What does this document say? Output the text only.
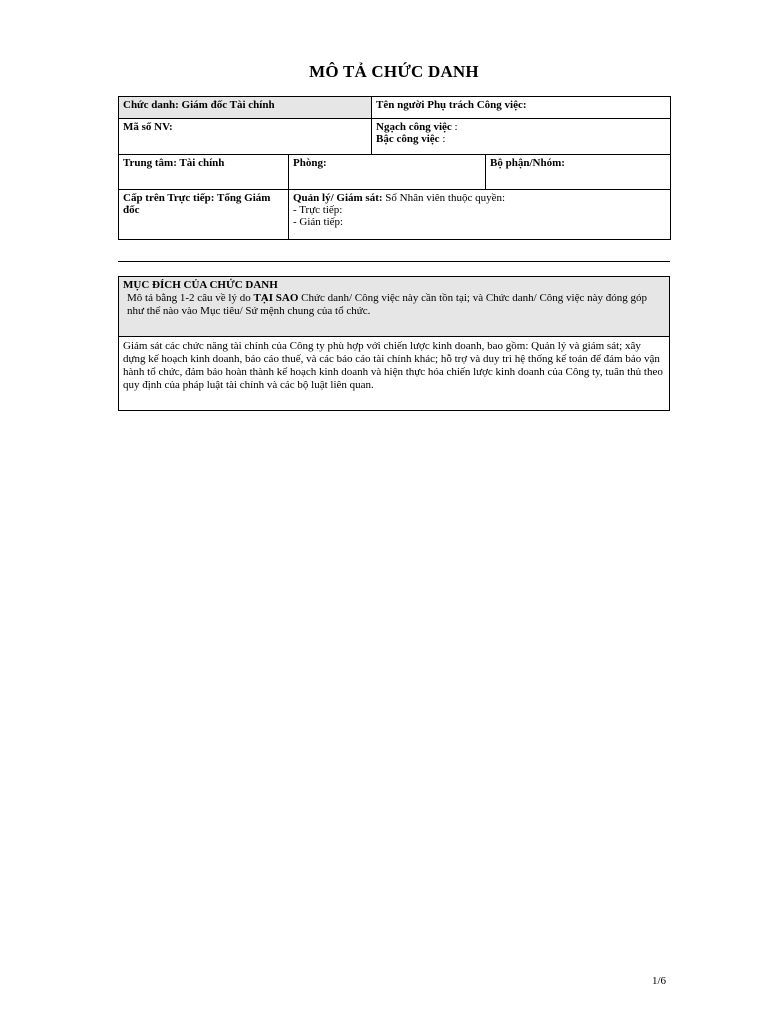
MÔ TẢ CHỨC DANH
Chức danh: Giám đốc Tài chính		Tên người Phụ trách Công việc:	
Mã số NV:		Ngạch công việc :
Bậc công việc :	

Trung tâm: Tài chính	Phòng:		Bộ phận/Nhóm:
Cấp trên Trực tiếp: Tổng Giám đốc	Quản lý/ Giám sát: Số Nhân viên thuộc quyền:
- Trực tiếp:
- Gián tiếp:		
MỤC ĐÍCH CỦA CHỨC DANH
Mô tả bằng 1-2 câu về lý do TẠI SAO Chức danh/ Công việc này cần tồn tại; và Chức danh/ Công việc này đóng góp như thế nào vào Mục tiêu/ Sứ mệnh chung của tổ chức.
Giám sát các chức năng tài chính của Công ty phù hợp với chiến lược kinh doanh, bao gồm: Quản lý và giám sát; xây dựng kế hoạch kinh doanh, báo cáo thuế, và các báo cáo tài chính khác; hỗ trợ và duy trì hệ thống kế toán để đảm bảo vận hành tổ chức, đảm bảo hoàn thành kế hoạch kinh doanh và hiện thực hóa chiến lược kinh doanh của Công ty, tuân thủ theo quy định của pháp luật tài chính và các bộ luật liên quan.
1/6
